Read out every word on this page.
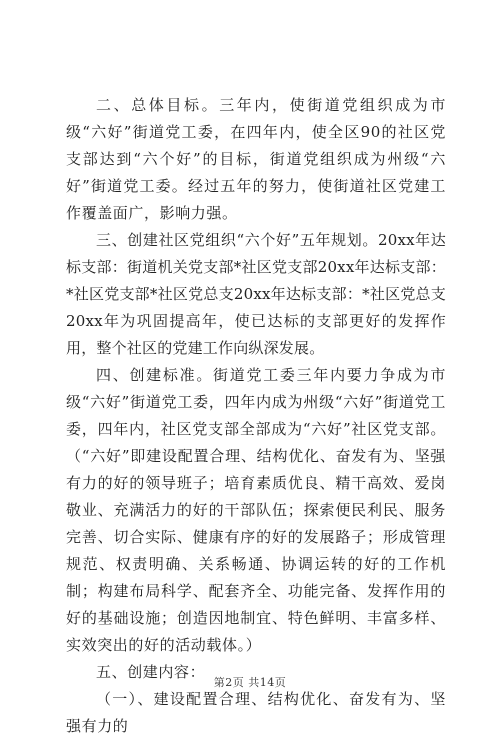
二、总体目标。三年内，使街道党组织成为市级“六好”街道党工委，在四年内，使全区90的社区党支部达到“六个好”的目标，街道党组织成为州级“六好”街道党工委。经过五年的努力，使街道社区党建工作覆盖面广，影响力强。

三、创建社区党组织“六个好”五年规划。20xx年达标支部：街道机关党支部*社区党支部20xx年达标支部：*社区党支部*社区党总支20xx年达标支部：*社区党总支20xx年为巩固提高年，使已达标的支部更好的发挥作用，整个社区的党建工作向纵深发展。

四、创建标准。街道党工委三年内要力争成为市级“六好”街道党工委，四年内成为州级“六好”街道党工委，四年内，社区党支部全部成为“六好”社区党支部。（“六好”即建设配置合理、结构优化、奋发有为、坚强有力的好的领导班子；培育素质优良、精干高效、爱岗敬业、充满活力的好的干部队伍；探索便民利民、服务完善、切合实际、健康有序的好的发展路子；形成管理规范、权责明确、关系畅通、协调运转的好的工作机制；构建布局科学、配套齐全、功能完备、发挥作用的好的基础设施；创造因地制宜、特色鲜明、丰富多样、实效突出的好的活动载体。）

五、创建内容：

（一）、建设配置合理、结构优化、奋发有为、坚强有力的

第2页 共14页
